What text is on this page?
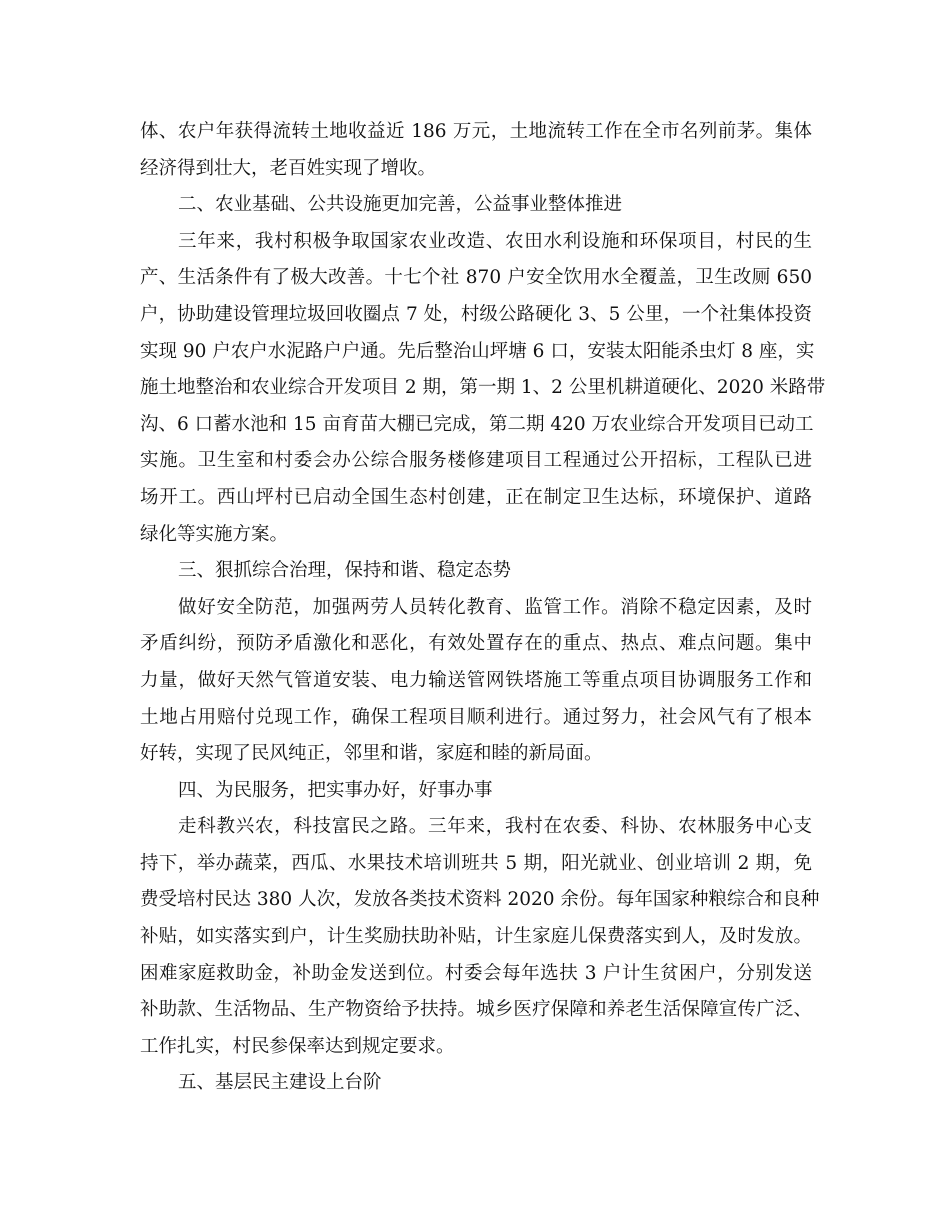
体、农户年获得流转土地收益近 186 万元，土地流转工作在全市名列前茅。集体
经济得到壮大，老百姓实现了增收。
二、农业基础、公共设施更加完善，公益事业整体推进
三年来，我村积极争取国家农业改造、农田水利设施和环保项目，村民的生
产、生活条件有了极大改善。十七个社 870 户安全饮用水全覆盖，卫生改厕 650
户，协助建设管理垃圾回收圈点 7 处，村级公路硬化 3、5 公里，一个社集体投资
实现 90 户农户水泥路户户通。先后整治山坪塘 6 口，安装太阳能杀虫灯 8 座，实
施土地整治和农业综合开发项目 2 期，第一期 1、2 公里机耕道硬化、2020 米路带
沟、6 口蓄水池和 15 亩育苗大棚已完成，第二期 420 万农业综合开发项目已动工
实施。卫生室和村委会办公综合服务楼修建项目工程通过公开招标，工程队已进
场开工。西山坪村已启动全国生态村创建，正在制定卫生达标，环境保护、道路
绿化等实施方案。
三、狠抓综合治理，保持和谐、稳定态势
做好安全防范，加强两劳人员转化教育、监管工作。消除不稳定因素，及时
矛盾纠纷，预防矛盾激化和恶化，有效处置存在的重点、热点、难点问题。集中
力量，做好天然气管道安装、电力输送管网铁塔施工等重点项目协调服务工作和
土地占用赔付兑现工作，确保工程项目顺利进行。通过努力，社会风气有了根本
好转，实现了民风纯正，邻里和谐，家庭和睦的新局面。
四、为民服务，把实事办好，好事办事
走科教兴农，科技富民之路。三年来，我村在农委、科协、农林服务中心支
持下，举办蔬菜，西瓜、水果技术培训班共 5 期，阳光就业、创业培训 2 期，免
费受培村民达 380 人次，发放各类技术资料 2020 余份。每年国家种粮综合和良种
补贴，如实落实到户，计生奖励扶助补贴，计生家庭儿保费落实到人，及时发放。
困难家庭救助金，补助金发送到位。村委会每年选扶 3 户计生贫困户，分别发送
补助款、生活物品、生产物资给予扶持。城乡医疗保障和养老生活保障宣传广泛、
工作扎实，村民参保率达到规定要求。
五、基层民主建设上台阶
